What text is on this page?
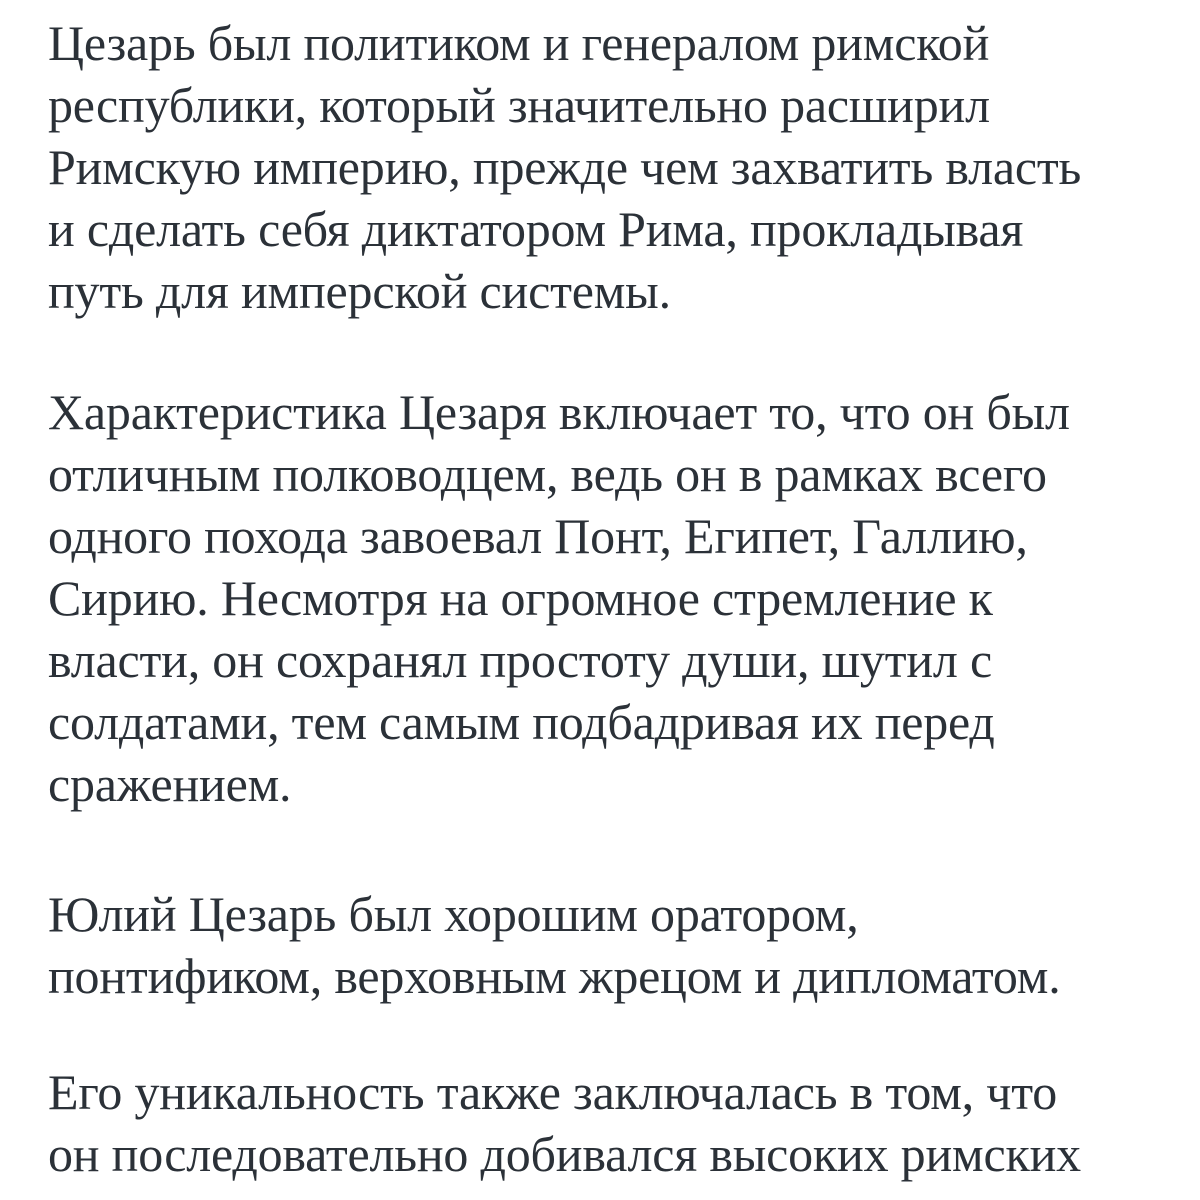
Цезарь был политиком и генералом римской
республики, который значительно расширил
Римскую империю, прежде чем захватить власть
и сделать себя диктатором Рима, прокладывая
путь для имперской системы.

Характеристика Цезаря включает то, что он был
отличным полководцем, ведь он в рамках всего
одного похода завоевал Понт, Египет, Галлию,
Сирию. Несмотря на огромное стремление к
власти, он сохранял простоту души, шутил с
солдатами, тем самым подбадривая их перед
сражением.

Юлий Цезарь был хорошим оратором,
понтификом, верховным жрецом и дипломатом.

Его уникальность также заключалась в том, что
он последовательно добивался высоких римских
